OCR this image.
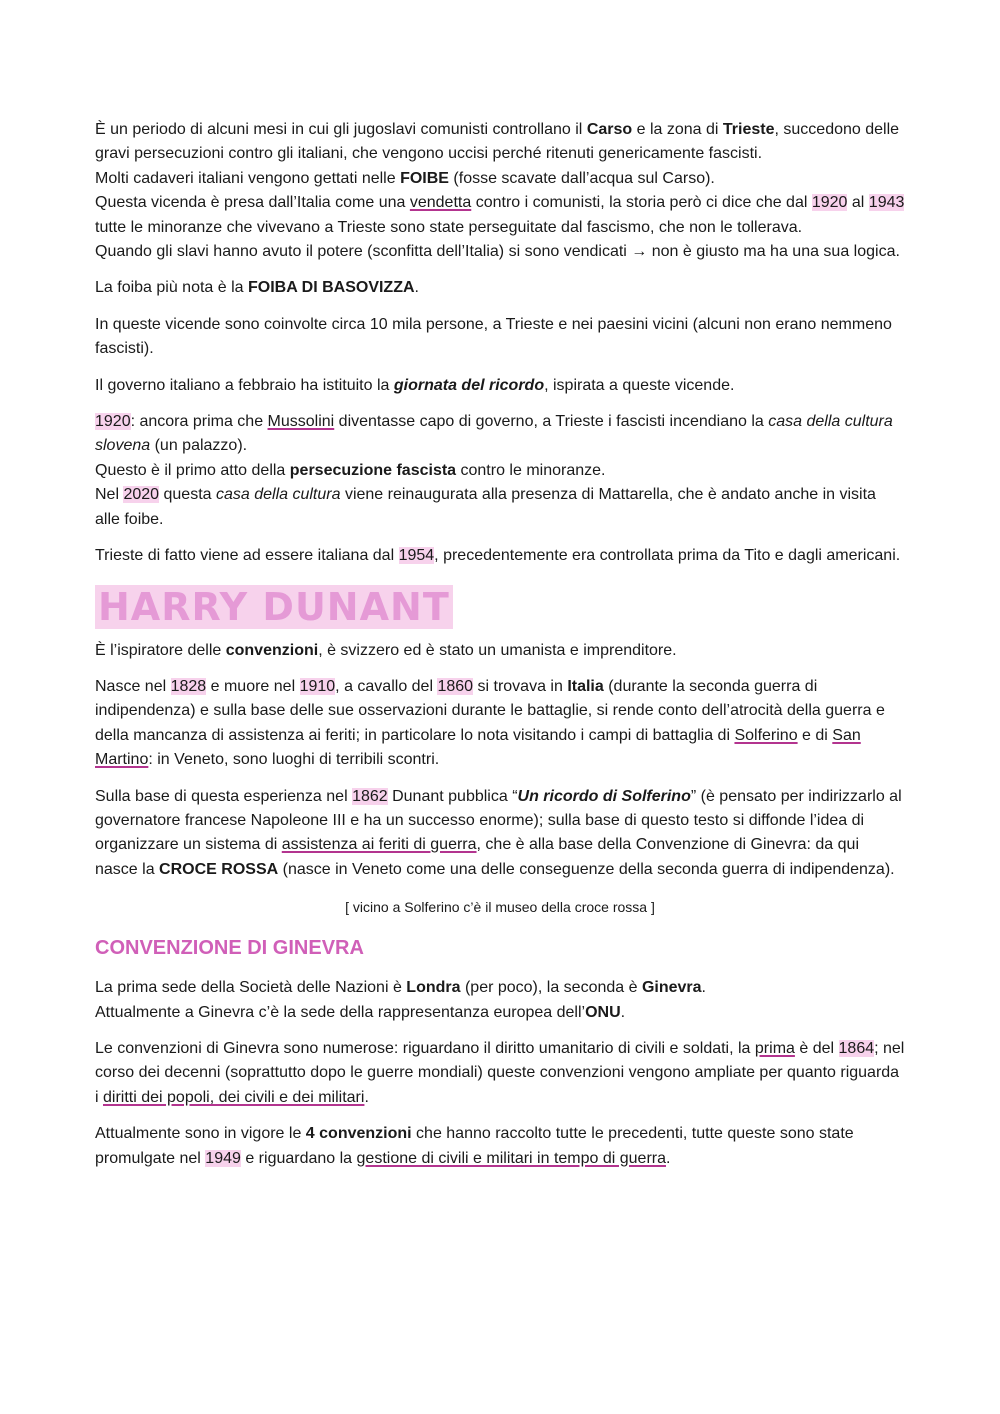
È un periodo di alcuni mesi in cui gli jugoslavi comunisti controllano il Carso e la zona di Trieste, succedono delle gravi persecuzioni contro gli italiani, che vengono uccisi perché ritenuti genericamente fascisti.
Molti cadaveri italiani vengono gettati nelle FOIBE (fosse scavate dall’acqua sul Carso).
Questa vicenda è presa dall’Italia come una vendetta contro i comunisti, la storia però ci dice che dal 1920 al 1943 tutte le minoranze che vivevano a Trieste sono state perseguitate dal fascismo, che non le tollerava.
Quando gli slavi hanno avuto il potere (sconfitta dell’Italia) si sono vendicati → non è giusto ma ha una sua logica.

La foiba più nota è la FOIBA DI BASOVIZZA.

In queste vicende sono coinvolte circa 10 mila persone, a Trieste e nei paesini vicini (alcuni non erano nemmeno fascisti).

Il governo italiano a febbraio ha istituito la giornata del ricordo, ispirata a queste vicende.

1920: ancora prima che Mussolini diventasse capo di governo, a Trieste i fascisti incendiano la casa della cultura slovena (un palazzo).
Questo è il primo atto della persecuzione fascista contro le minoranze.
Nel 2020 questa casa della cultura viene reinaugurata alla presenza di Mattarella, che è andato anche in visita alle foibe.

Trieste di fatto viene ad essere italiana dal 1954, precedentemente era controllata prima da Tito e dagli americani.

HARRY DUNANT

È l’ispiratore delle convenzioni, è svizzero ed è stato un umanista e imprenditore.

Nasce nel 1828 e muore nel 1910, a cavallo del 1860 si trovava in Italia (durante la seconda guerra di indipendenza) e sulla base delle sue osservazioni durante le battaglie, si rende conto dell’atrocità della guerra e della mancanza di assistenza ai feriti; in particolare lo nota visitando i campi di battaglia di Solferino e di San Martino: in Veneto, sono luoghi di terribili scontri.

Sulla base di questa esperienza nel 1862 Dunant pubblica “Un ricordo di Solferino” (è pensato per indirizzarlo al governatore francese Napoleone III e ha un successo enorme); sulla base di questo testo si diffonde l’idea di organizzare un sistema di assistenza ai feriti di guerra, che è alla base della Convenzione di Ginevra: da qui nasce la CROCE ROSSA (nasce in Veneto come una delle conseguenze della seconda guerra di indipendenza).

[ vicino a Solferino c’è il museo della croce rossa ]

CONVENZIONE DI GINEVRA

La prima sede della Società delle Nazioni è Londra (per poco), la seconda è Ginevra.
Attualmente a Ginevra c’è la sede della rappresentanza europea dell’ONU.

Le convenzioni di Ginevra sono numerose: riguardano il diritto umanitario di civili e soldati, la prima è del 1864; nel corso dei decenni (soprattutto dopo le guerre mondiali) queste convenzioni vengono ampliate per quanto riguarda i diritti dei popoli, dei civili e dei militari.

Attualmente sono in vigore le 4 convenzioni che hanno raccolto tutte le precedenti, tutte queste sono state promulgate nel 1949 e riguardano la gestione di civili e militari in tempo di guerra.
